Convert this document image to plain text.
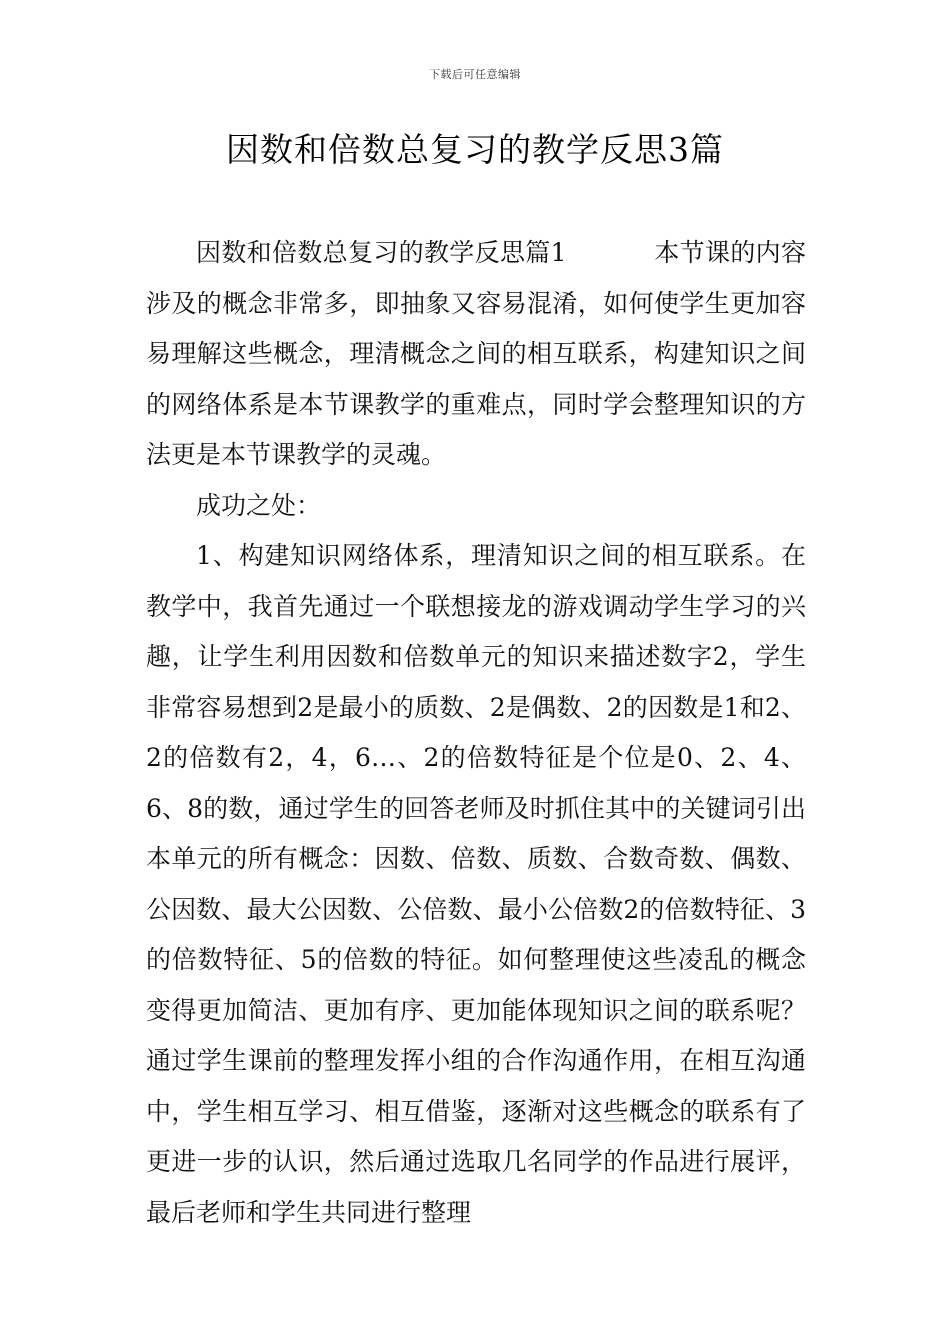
下载后可任意编辑
因数和倍数总复习的教学反思3篇

因数和倍数总复习的教学反思篇1	本节课的内容涉及的概念非常多，即抽象又容易混淆，如何使学生更加容易理解这些概念，理清概念之间的相互联系，构建知识之间的网络体系是本节课教学的重难点，同时学会整理知识的方法更是本节课教学的灵魂。

成功之处：

1、构建知识网络体系，理清知识之间的相互联系。在教学中，我首先通过一个联想接龙的游戏调动学生学习的兴趣，让学生利用因数和倍数单元的知识来描述数字2，学生非常容易想到2是最小的质数、2是偶数、2的因数是1和2、2的倍数有2，4，6…、2的倍数特征是个位是0、2、4、6、8的数，通过学生的回答老师及时抓住其中的关键词引出本单元的所有概念：因数、倍数、质数、合数奇数、偶数、公因数、最大公因数、公倍数、最小公倍数2的倍数特征、3的倍数特征、5的倍数的特征。如何整理使这些凌乱的概念变得更加简洁、更加有序、更加能体现知识之间的联系呢？通过学生课前的整理发挥小组的合作沟通作用，在相互沟通中，学生相互学习、相互借鉴，逐渐对这些概念的联系有了更进一步的认识，然后通过选取几名同学的作品进行展评，最后老师和学生共同进行整理
